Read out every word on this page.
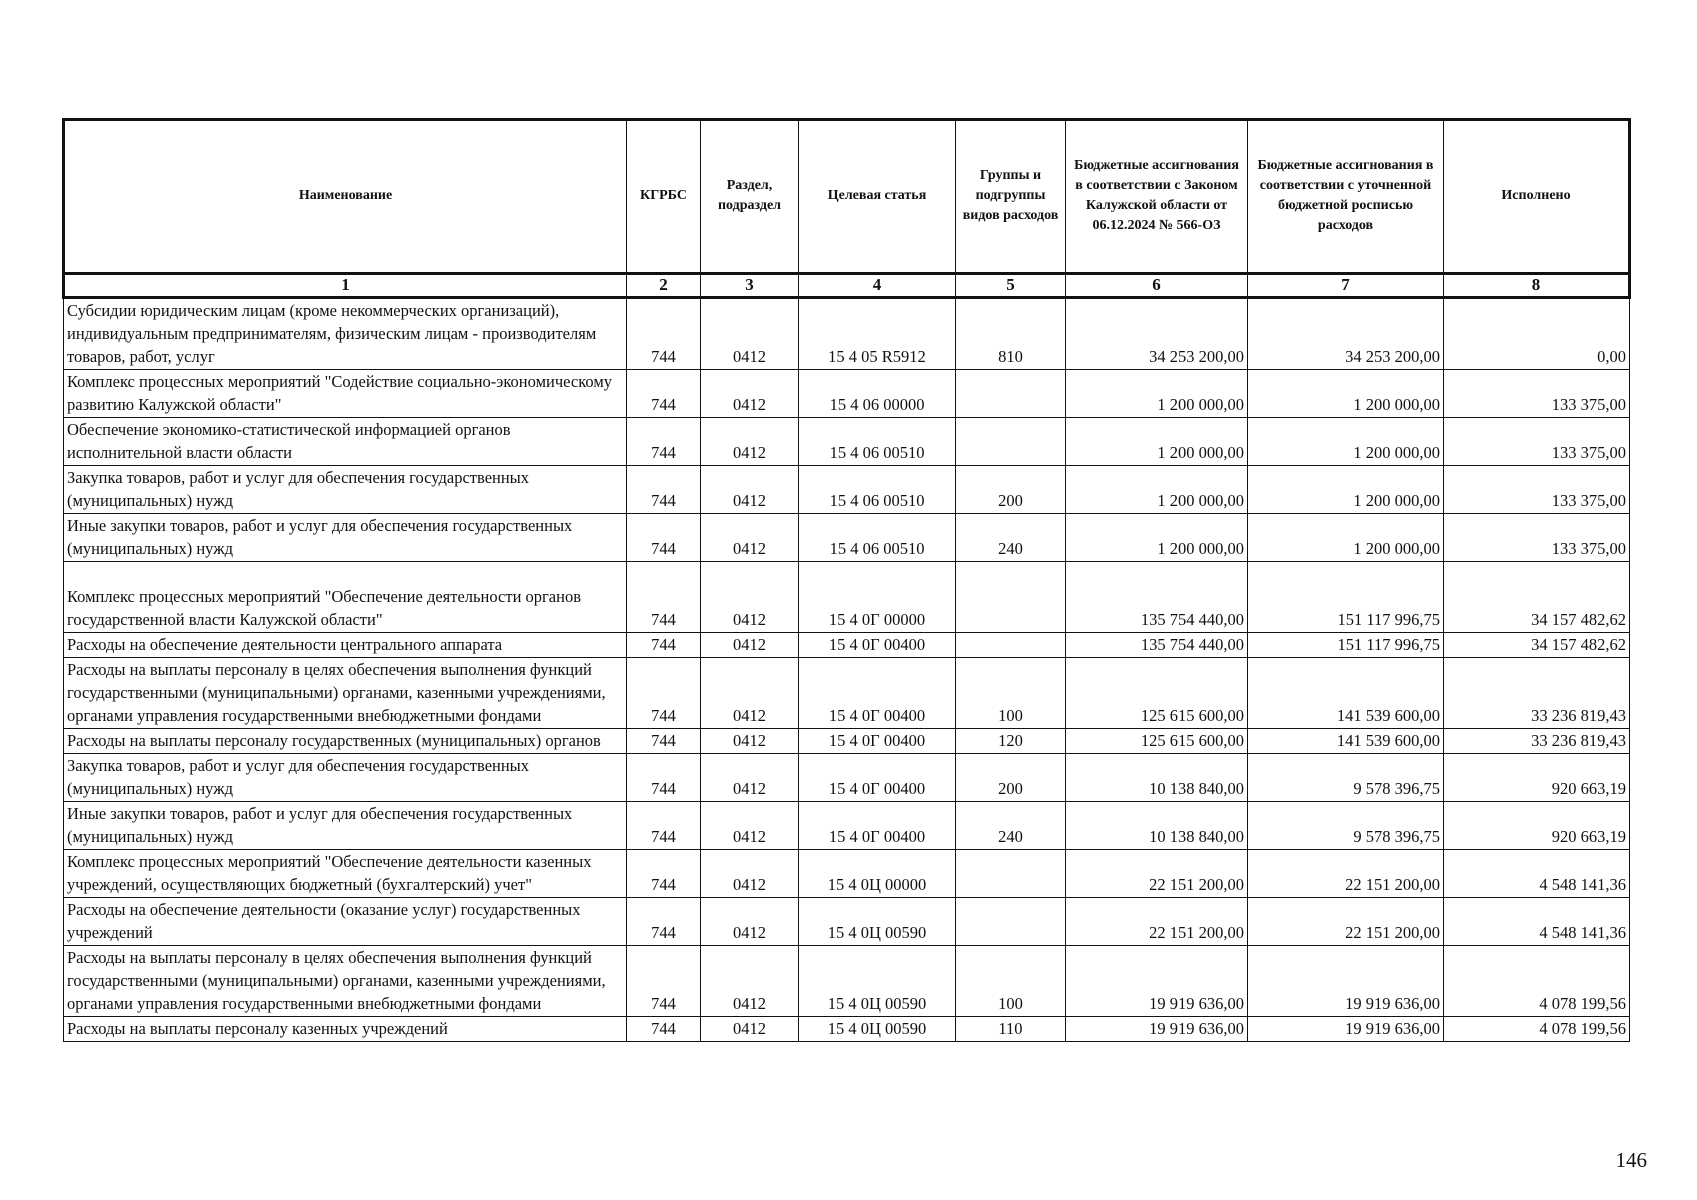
Наименование	КГРБС	Раздел, подраздел	Целевая статья	Группы и подгруппы видов расходов	Бюджетные ассигнования в соответствии с Законом Калужской области от 06.12.2024 № 566-ОЗ	Бюджетные ассигнования в соответствии с уточненной бюджетной росписью расходов	Исполнено
1	2	3	4	5	6	7	8
Субсидии юридическим лицам (кроме некоммерческих организаций), индивидуальным предпринимателям, физическим лицам - производителям товаров, работ, услуг	744	0412	15 4 05 R5912	810	34 253 200,00	34 253 200,00	0,00
Комплекс процессных мероприятий "Содействие социально-экономическому развитию Калужской области"	744	0412	15 4 06 00000		1 200 000,00	1 200 000,00	133 375,00
Обеспечение экономико-статистической информацией органов исполнительной власти области	744	0412	15 4 06 00510		1 200 000,00	1 200 000,00	133 375,00
Закупка товаров, работ и услуг для обеспечения государственных (муниципальных) нужд	744	0412	15 4 06 00510	200	1 200 000,00	1 200 000,00	133 375,00
Иные закупки товаров, работ и услуг для обеспечения государственных (муниципальных) нужд	744	0412	15 4 06 00510	240	1 200 000,00	1 200 000,00	133 375,00
Комплекс процессных мероприятий "Обеспечение деятельности органов государственной власти Калужской области"	744	0412	15 4 0Г 00000		135 754 440,00	151 117 996,75	34 157 482,62
Расходы на обеспечение деятельности центрального аппарата	744	0412	15 4 0Г 00400		135 754 440,00	151 117 996,75	34 157 482,62
Расходы на выплаты персоналу в целях обеспечения выполнения функций государственными (муниципальными) органами, казенными учреждениями, органами управления государственными внебюджетными фондами	744	0412	15 4 0Г 00400	100	125 615 600,00	141 539 600,00	33 236 819,43
Расходы на выплаты персоналу государственных (муниципальных) органов	744	0412	15 4 0Г 00400	120	125 615 600,00	141 539 600,00	33 236 819,43
Закупка товаров, работ и услуг для обеспечения государственных (муниципальных) нужд	744	0412	15 4 0Г 00400	200	10 138 840,00	9 578 396,75	920 663,19
Иные закупки товаров, работ и услуг для обеспечения государственных (муниципальных) нужд	744	0412	15 4 0Г 00400	240	10 138 840,00	9 578 396,75	920 663,19
Комплекс процессных мероприятий "Обеспечение деятельности казенных учреждений, осуществляющих бюджетный (бухгалтерский) учет"	744	0412	15 4 0Ц 00000		22 151 200,00	22 151 200,00	4 548 141,36
Расходы на обеспечение деятельности (оказание услуг) государственных учреждений	744	0412	15 4 0Ц 00590		22 151 200,00	22 151 200,00	4 548 141,36
Расходы на выплаты персоналу в целях обеспечения выполнения функций государственными (муниципальными) органами, казенными учреждениями, органами управления государственными внебюджетными фондами	744	0412	15 4 0Ц 00590	100	19 919 636,00	19 919 636,00	4 078 199,56
Расходы на выплаты персоналу казенных учреждений	744	0412	15 4 0Ц 00590	110	19 919 636,00	19 919 636,00	4 078 199,56
146
